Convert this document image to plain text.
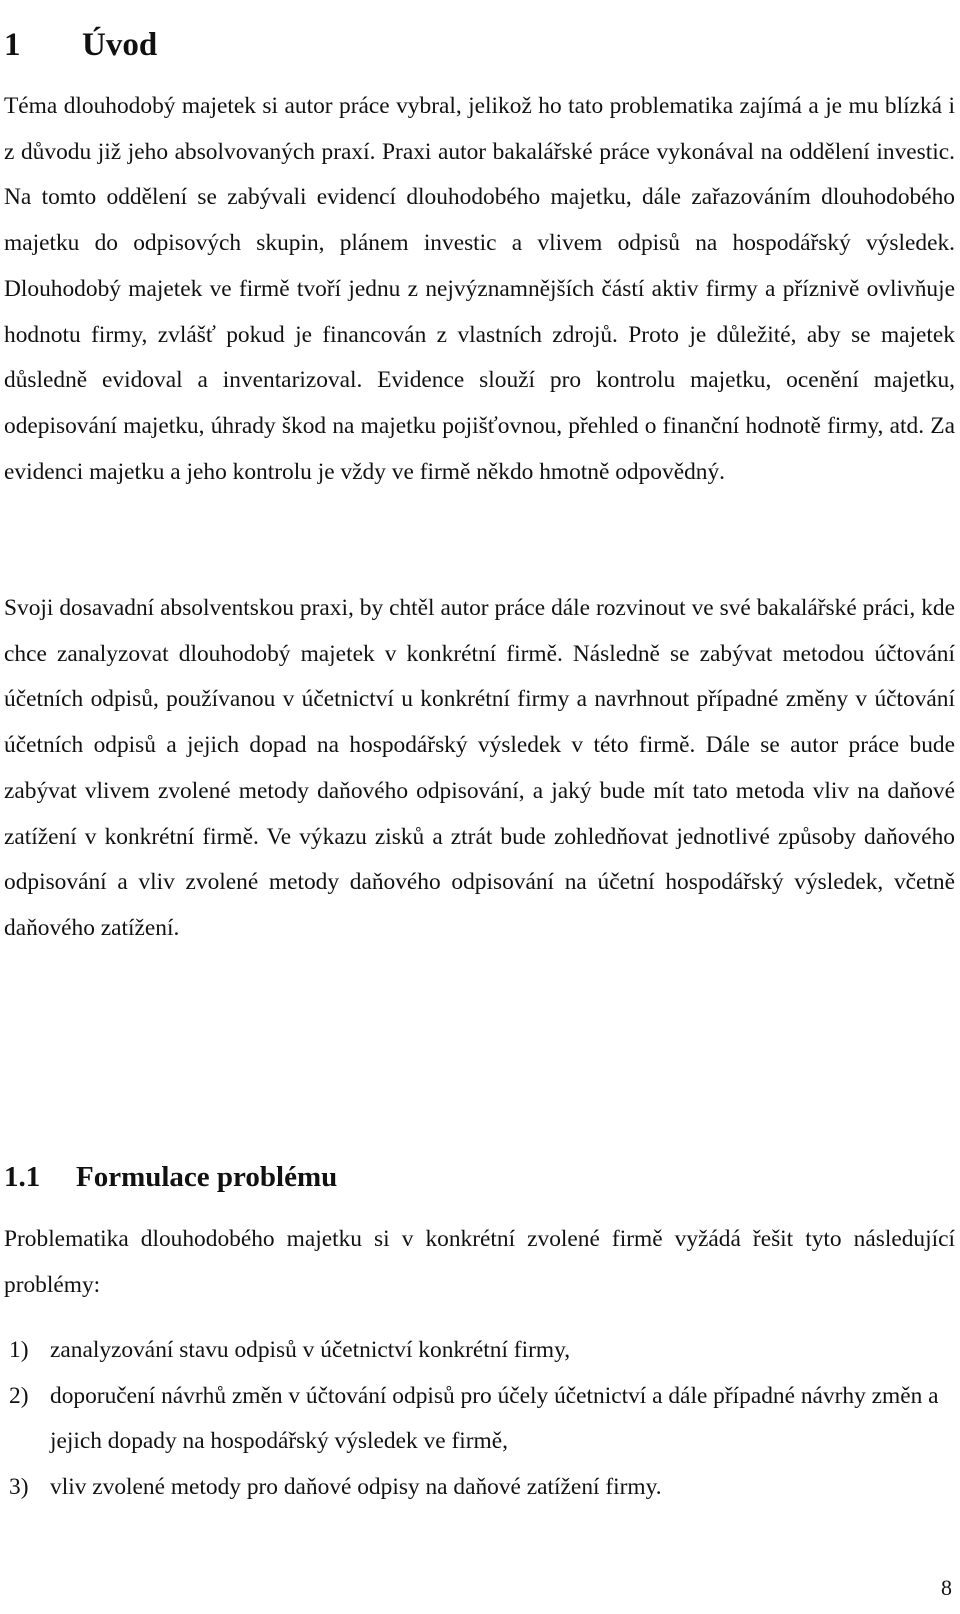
1 Úvod

Téma dlouhodobý majetek si autor práce vybral, jelikož ho tato problematika zajímá a je mu blízká i z důvodu již jeho absolvovaných praxí. Praxi autor bakalářské práce vykonával na oddělení investic. Na tomto oddělení se zabývali evidencí dlouhodobého majetku, dále zařazováním dlouhodobého majetku do odpisových skupin, plánem investic a vlivem odpisů na hospodářský výsledek. Dlouhodobý majetek ve firmě tvoří jednu z nejvýznamnějších částí aktiv firmy a příznivě ovlivňuje hodnotu firmy, zvlášť pokud je financován z vlastních zdrojů. Proto je důležité, aby se majetek důsledně evidoval a inventarizoval. Evidence slouží pro kontrolu majetku, ocenění majetku, odepisování majetku, úhrady škod na majetku pojišťovnou, přehled o finanční hodnotě firmy, atd. Za evidenci majetku a jeho kontrolu je vždy ve firmě někdo hmotně odpovědný.

Svoji dosavadní absolventskou praxi, by chtěl autor práce dále rozvinout ve své bakalářské práci, kde chce zanalyzovat dlouhodobý majetek v konkrétní firmě. Následně se zabývat metodou účtování účetních odpisů, používanou v účetnictví u konkrétní firmy a navrhnout případné změny v účtování účetních odpisů a jejich dopad na hospodářský výsledek v této firmě. Dále se autor práce bude zabývat vlivem zvolené metody daňového odpisování, a jaký bude mít tato metoda vliv na daňové zatížení v konkrétní firmě. Ve výkazu zisků a ztrát bude zohledňovat jednotlivé způsoby daňového odpisování a vliv zvolené metody daňového odpisování na účetní hospodářský výsledek, včetně daňového zatížení.

1.1 Formulace problému

Problematika dlouhodobého majetku si v konkrétní zvolené firmě vyžádá řešit tyto následující problémy:

1) zanalyzování stavu odpisů v účetnictví konkrétní firmy,
2) doporučení návrhů změn v účtování odpisů pro účely účetnictví a dále případné návrhy změn a jejich dopady na hospodářský výsledek ve firmě,
3) vliv zvolené metody pro daňové odpisy na daňové zatížení firmy.
8
